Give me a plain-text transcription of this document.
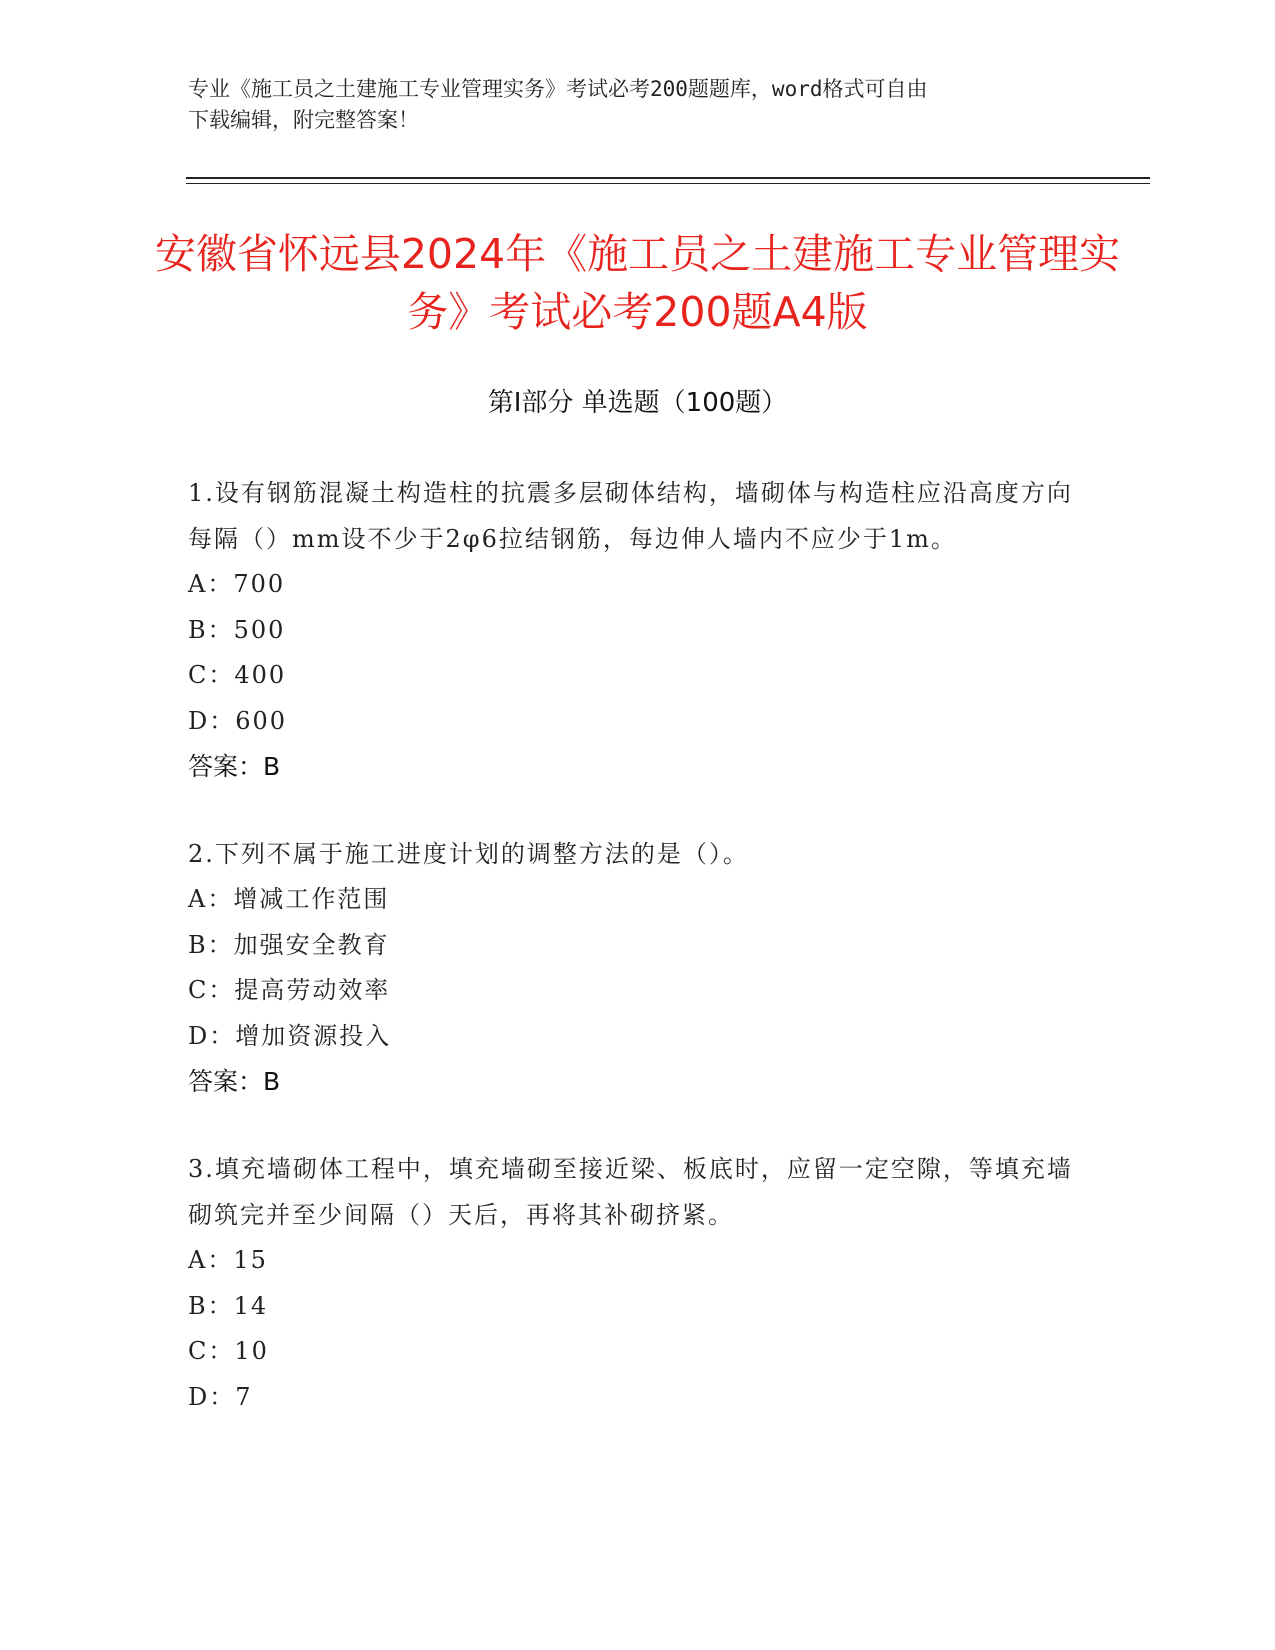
专业《施工员之土建施工专业管理实务》考试必考200题题库，word格式可自由
下载编辑，附完整答案！
安徽省怀远县2024年《施工员之土建施工专业管理实务》考试必考200题A4版
第Ⅰ部分 单选题（100题）
1.设有钢筋混凝土构造柱的抗震多层砌体结构，墙砌体与构造柱应沿高度方向每隔（）mm设不少于2φ6拉结钢筋，每边伸人墙内不应少于1m。
A：700
B：500
C：400
D：600
答案：B
2.下列不属于施工进度计划的调整方法的是（）。
A：增减工作范围
B：加强安全教育
C：提高劳动效率
D：增加资源投入
答案：B
3.填充墙砌体工程中，填充墙砌至接近梁、板底时，应留一定空隙，等填充墙砌筑完并至少间隔（）天后，再将其补砌挤紧。
A：15
B：14
C：10
D：7
